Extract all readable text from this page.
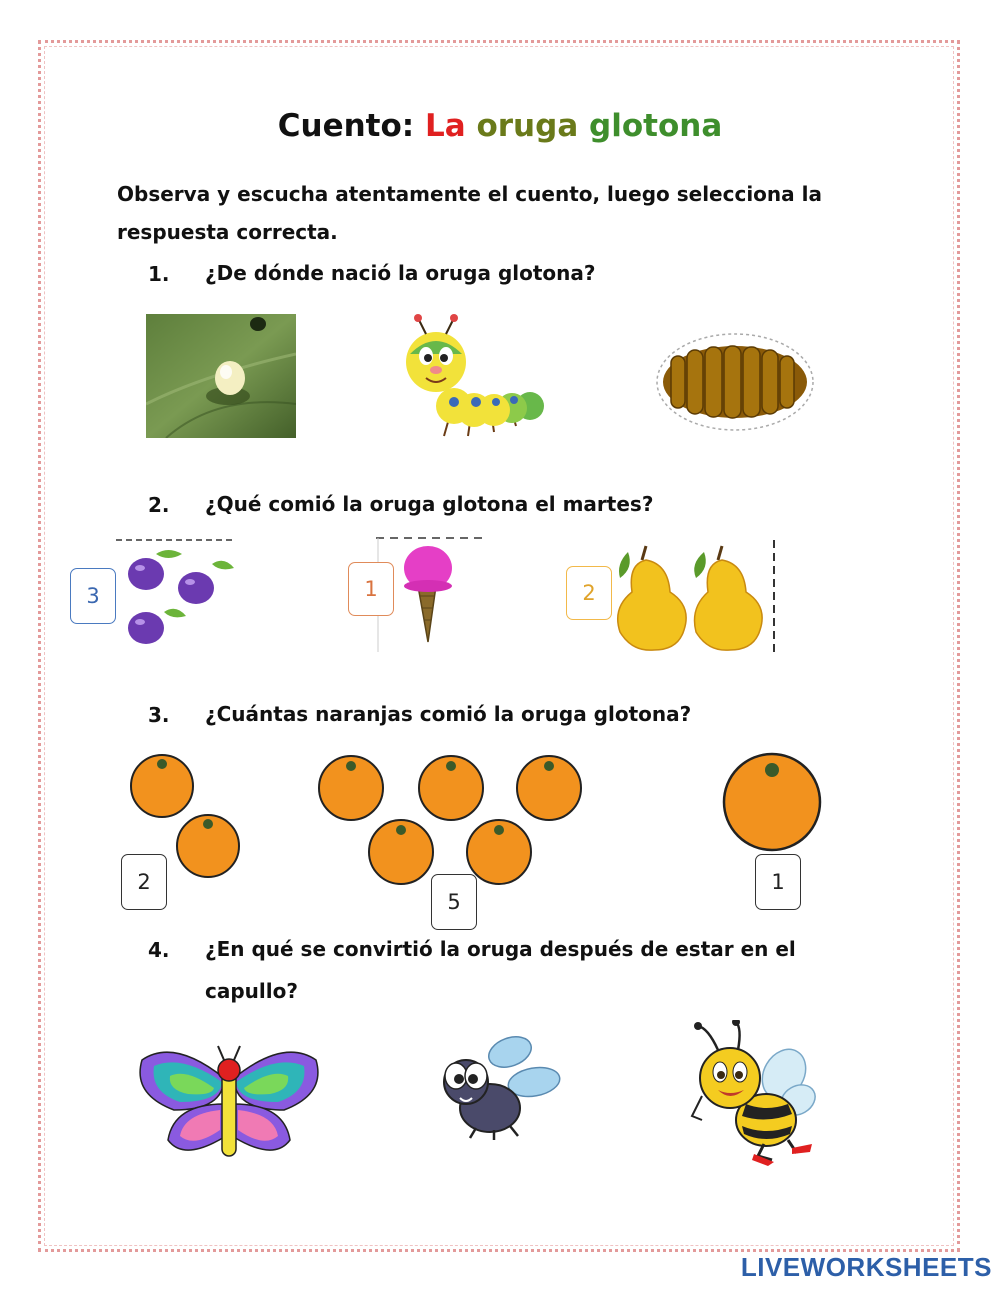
Cuento: La oruga glotona
Observa y escucha atentamente el cuento, luego selecciona la respuesta correcta.
1. ¿De dónde nació la oruga glotona?
2. ¿Qué comió la oruga glotona el martes?
3	1	2
3. ¿Cuántas naranjas comió la oruga glotona?
2
5
1
4. ¿En qué se convirtió la oruga después de estar en el capullo?
LIVEWORKSHEETS
